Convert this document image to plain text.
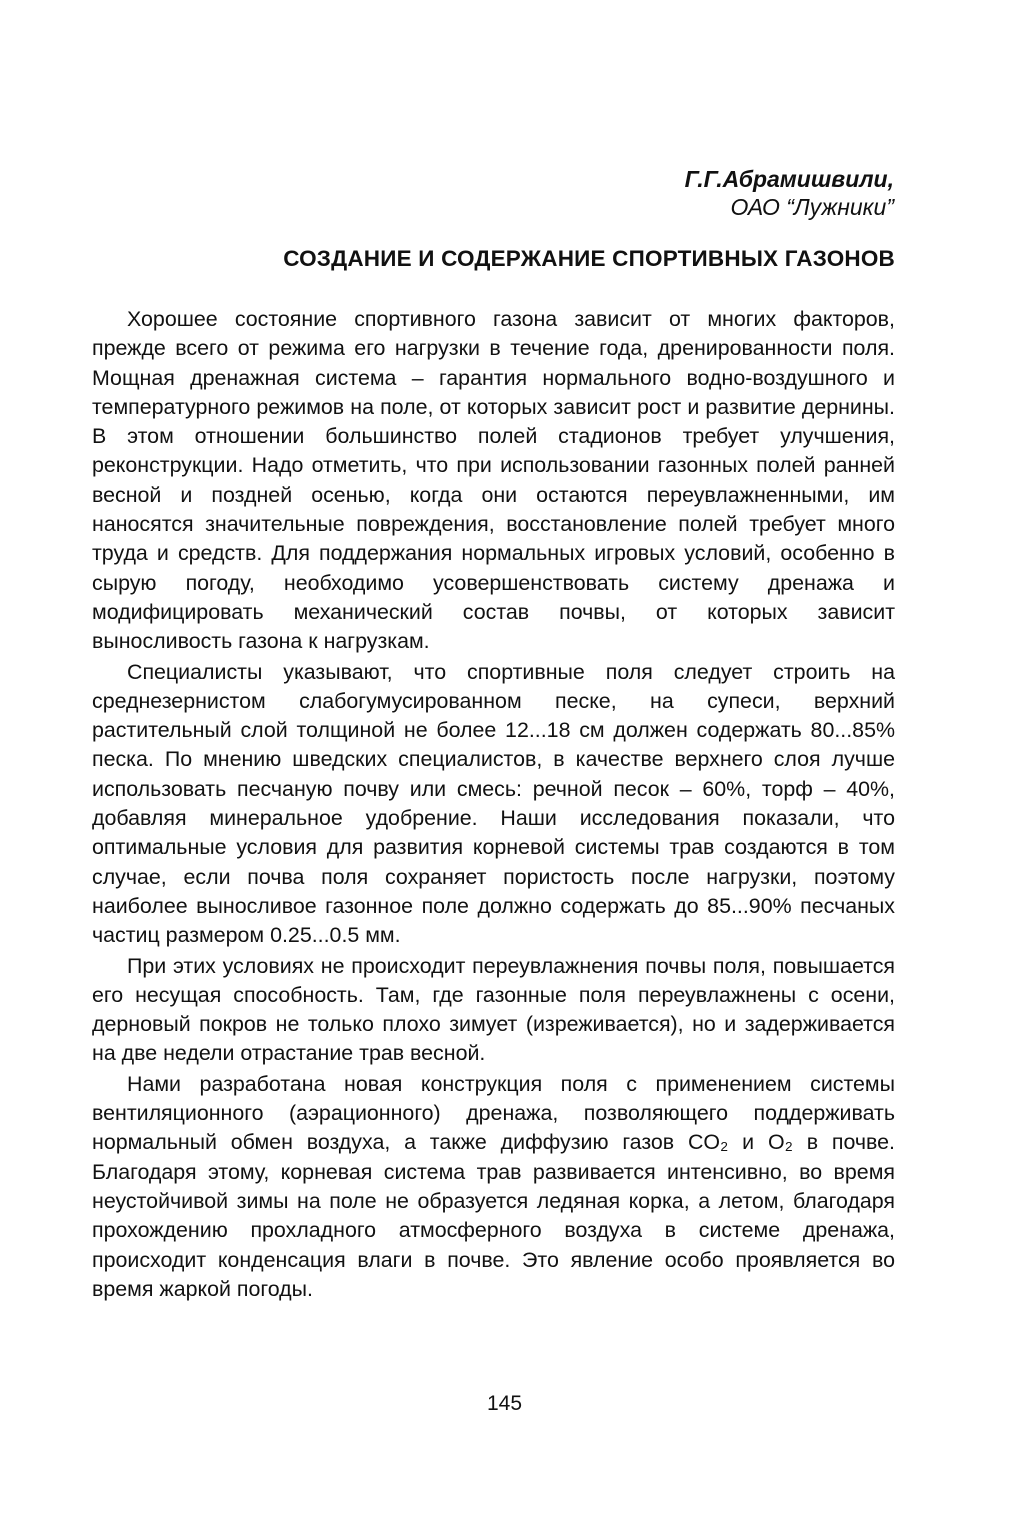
Г.Г.Абрамишвили,
ОАО “Лужники”
СОЗДАНИЕ И СОДЕРЖАНИЕ СПОРТИВНЫХ ГАЗОНОВ

Хорошее состояние спортивного газона зависит от многих факторов, прежде всего от режима его нагрузки в течение года, дренированности поля. Мощная дренажная система – гарантия нормального водно-воздушного и температурного режимов на поле, от которых зависит рост и развитие дернины. В этом отношении большинство полей стадионов требует улучшения, реконструкции. Надо отметить, что при использовании газонных полей ранней весной и поздней осенью, когда они остаются переувлажненными, им наносятся значительные повреждения, восстановление полей требует много труда и средств. Для поддержания нормальных игровых условий, особенно в сырую погоду, необходимо усовершенствовать систему дренажа и модифицировать механический состав почвы, от которых зависит выносливость газона к нагрузкам.

Специалисты указывают, что спортивные поля следует строить на среднезернистом слабогумусированном песке, на супеси, верхний растительный слой толщиной не более 12...18 см должен содержать 80...85% песка. По мнению шведских специалистов, в качестве верхнего слоя лучше использовать песчаную почву или смесь: речной песок – 60%, торф – 40%, добавляя минеральное удобрение. Наши исследования показали, что оптимальные условия для развития корневой системы трав создаются в том случае, если почва поля сохраняет пористость после нагрузки, поэтому наиболее выносливое газонное поле должно содержать до 85...90% песчаных частиц размером 0.25...0.5 мм.

При этих условиях не происходит переувлажнения почвы поля, повышается его несущая способность. Там, где газонные поля переувлажнены с осени, дерновый покров не только плохо зимует (изреживается), но и задерживается на две недели отрастание трав весной.

Нами разработана новая конструкция поля с применением системы вентиляционного (аэрационного) дренажа, позволяющего поддерживать нормальный обмен воздуха, а также диффузию газов CO₂ и O₂ в почве. Благодаря этому, корневая система трав развивается интенсивно, во время неустойчивой зимы на поле не образуется ледяная корка, а летом, благодаря прохождению прохладного атмосферного воздуха в системе дренажа, происходит конденсация влаги в почве. Это явление особо проявляется во время жаркой погоды.

145
